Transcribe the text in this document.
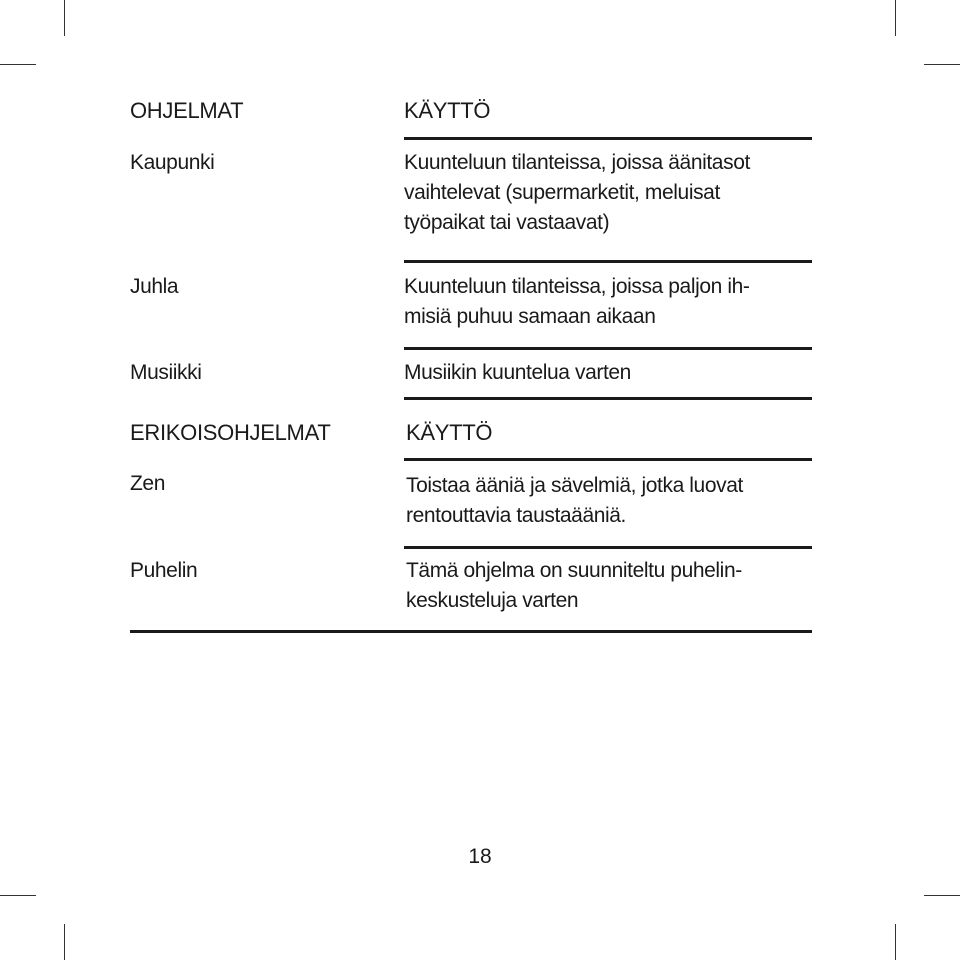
OHJELMAT	KÄYTTÖ
Kaupunki	Kuunteluun tilanteissa, joissa äänitasot
vaihtelevat (supermarketit, meluisat
työpaikat tai vastaavat)
Juhla	Kuunteluun tilanteissa, joissa paljon ih-
misiä puhuu samaan aikaan
Musiikki	Musiikin kuuntelua varten
ERIKOISOHJELMAT	KÄYTTÖ
Zen	Toistaa ääniä ja sävelmiä, jotka luovat
rentouttavia taustaääniä.
Puhelin	Tämä ohjelma on suunniteltu puhelin-
keskusteluja varten
18
